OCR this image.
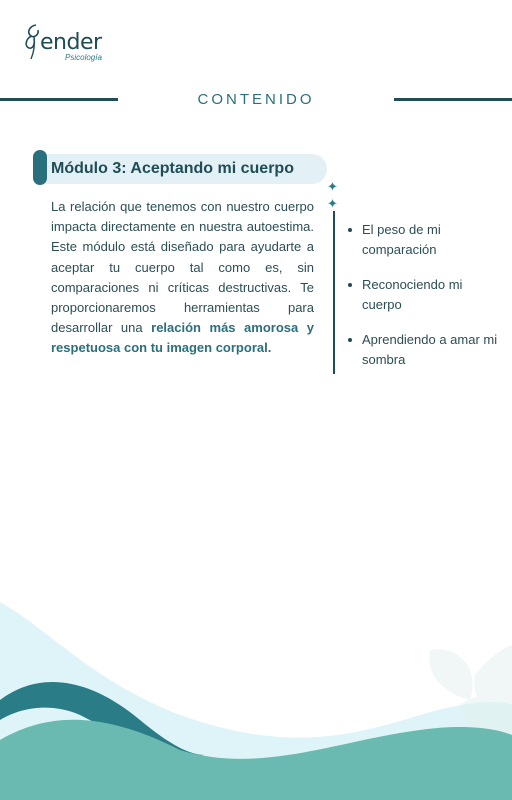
ender
Psicología
CONTENIDO
Módulo 3: Aceptando mi cuerpo
✦
✦
La relación que tenemos con nuestro cuerpo impacta directamente en nuestra autoestima. Este módulo está diseñado para ayudarte a aceptar tu cuerpo tal como es, sin comparaciones ni críticas destructivas. Te proporcionaremos herramientas para desarrollar una relación más amorosa y respetuosa con tu imagen corporal.
El peso de mi comparación
Reconociendo mi cuerpo
Aprendiendo a amar mi sombra
